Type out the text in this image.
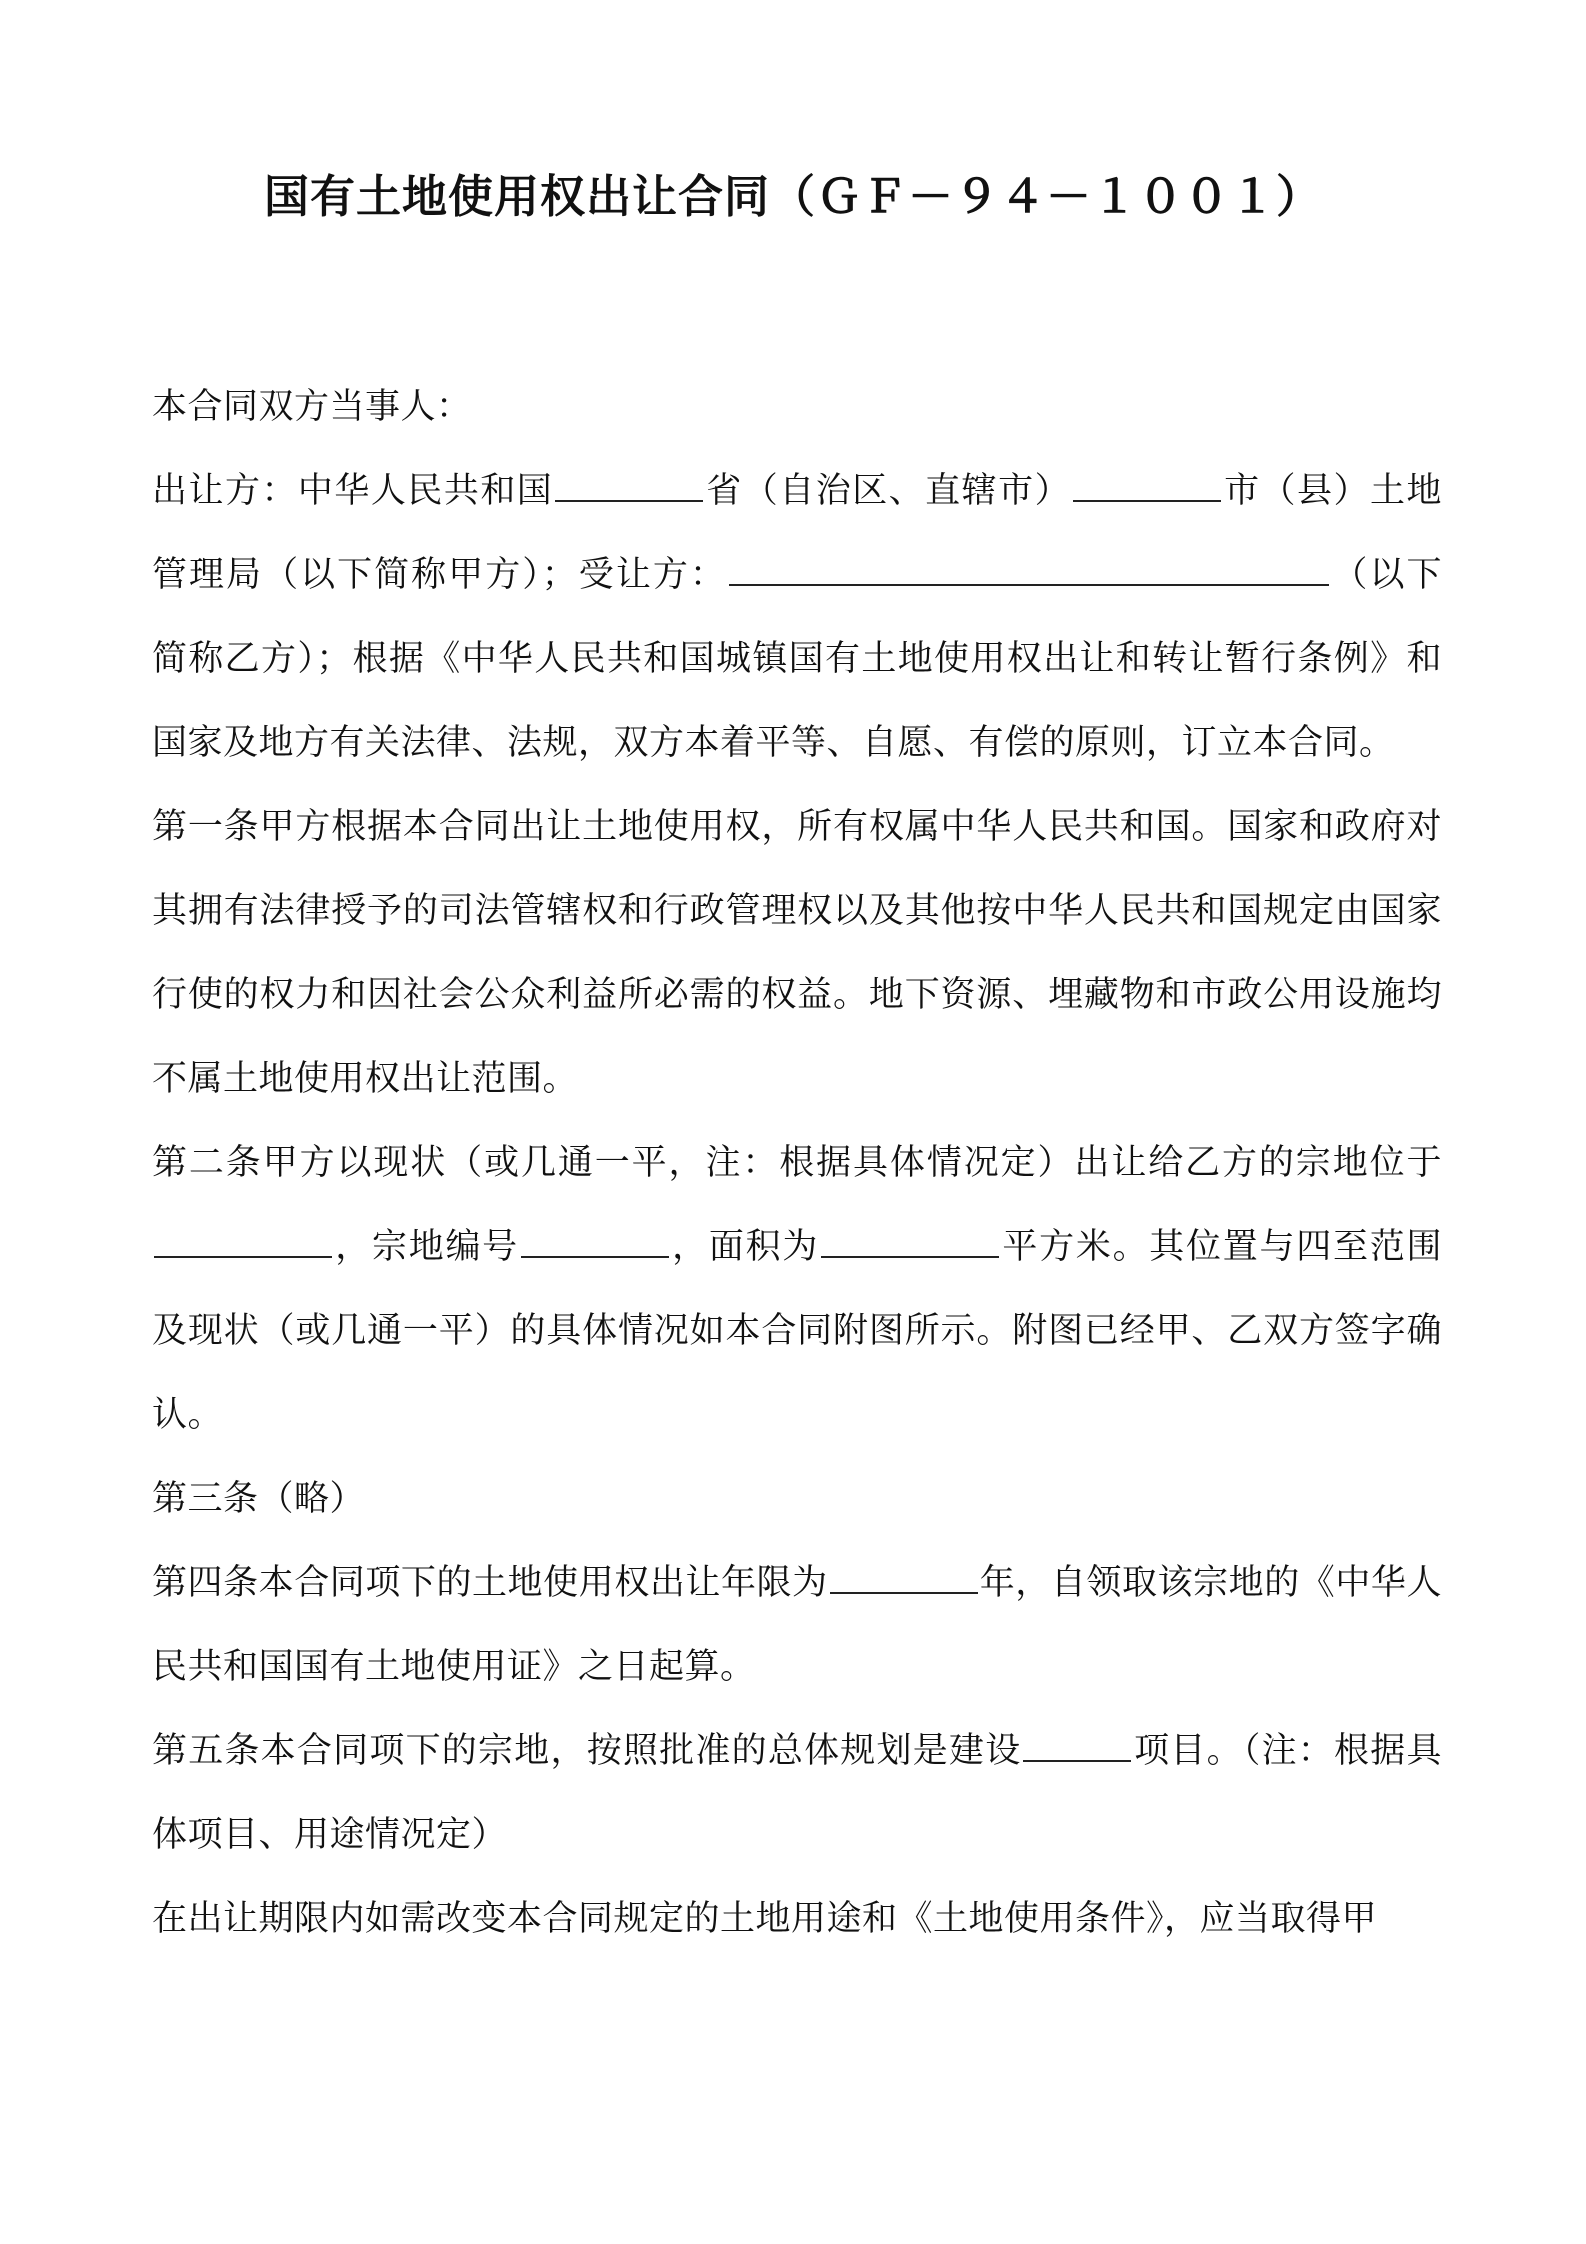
国有土地使用权出让合同（ＧＦ－９４－１００１）

本合同双方当事人：

出让方：中华人民共和国	省（自治区、直辖市）	市（县）土地管理局（以下简称甲方）；受让方：	（以下简称乙方）；根据《中华人民共和国城镇国有土地使用权出让和转让暂行条例》和国家及地方有关法律、法规，双方本着平等、自愿、有偿的原则，订立本合同。

第一条甲方根据本合同出让土地使用权，所有权属中华人民共和国。国家和政府对其拥有法律授予的司法管辖权和行政管理权以及其他按中华人民共和国规定由国家行使的权力和因社会公众利益所必需的权益。地下资源、埋藏物和市政公用设施均不属土地使用权出让范围。

第二条甲方以现状（或几通一平，注：根据具体情况定）出让给乙方的宗地位于，宗地编号	，面积为	平方米。其位置与四至范围及现状（或几通一平）的具体情况如本合同附图所示。附图已经甲、乙双方签字确认。

第三条（略）

第四条本合同项下的土地使用权出让年限为	年，自领取该宗地的《中华人民共和国国有土地使用证》之日起算。

第五条本合同项下的宗地，按照批准的总体规划是建设	项目。（注：根据具体项目、用途情况定）

在出让期限内如需改变本合同规定的土地用途和《土地使用条件》，应当取得甲
